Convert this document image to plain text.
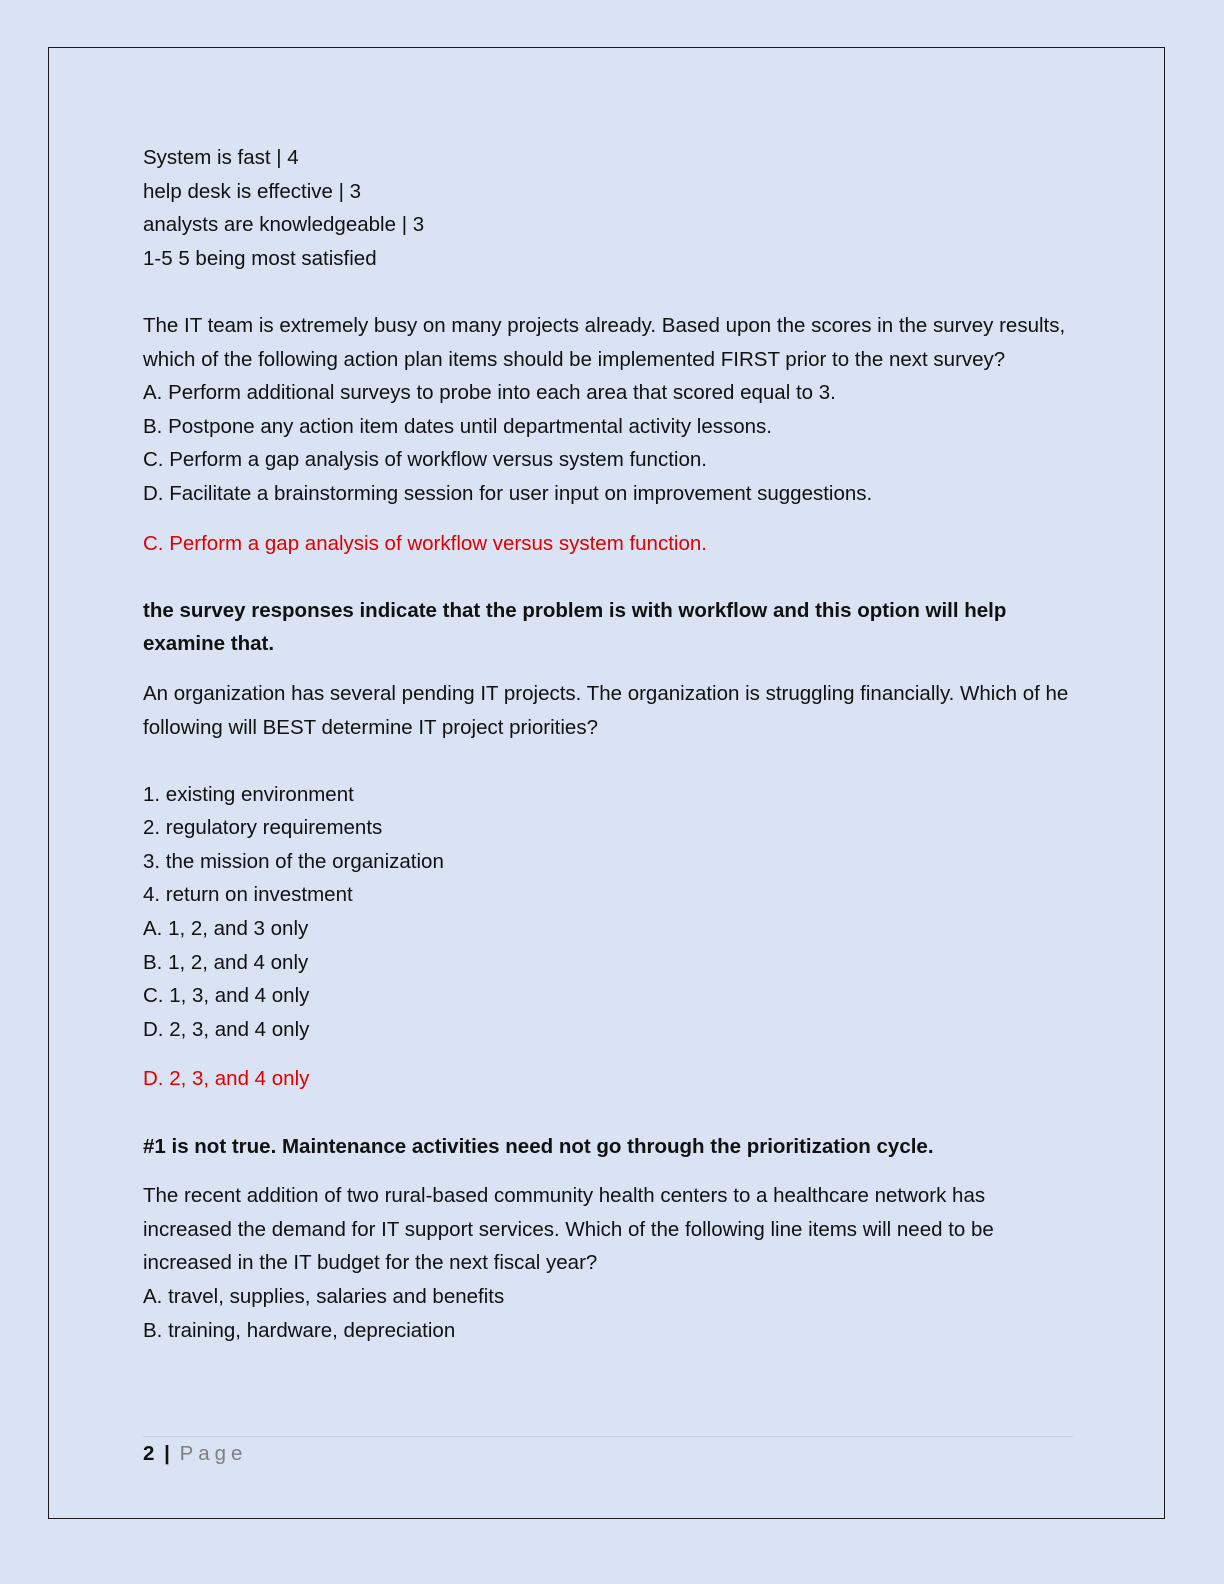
System is fast | 4
help desk is effective | 3
analysts are knowledgeable | 3
1-5 5 being most satisfied
The IT team is extremely busy on many projects already. Based upon the scores in the survey results, which of the following action plan items should be implemented FIRST prior to the next survey?
A. Perform additional surveys to probe into each area that scored equal to 3.
B. Postpone any action item dates until departmental activity lessons.
C. Perform a gap analysis of workflow versus system function.
D. Facilitate a brainstorming session for user input on improvement suggestions.
C. Perform a gap analysis of workflow versus system function.
the survey responses indicate that the problem is with workflow and this option will help examine that.
An organization has several pending IT projects. The organization is struggling financially. Which of he following will BEST determine IT project priorities?
1. existing environment
2. regulatory requirements
3. the mission of the organization
4. return on investment
A. 1, 2, and 3 only
B. 1, 2, and 4 only
C. 1, 3, and 4 only
D. 2, 3, and 4 only
D. 2, 3, and 4 only
#1 is not true. Maintenance activities need not go through the prioritization cycle.
The recent addition of two rural-based community health centers to a healthcare network has increased the demand for IT support services. Which of the following line items will need to be increased in the IT budget for the next fiscal year?
A. travel, supplies, salaries and benefits
B. training, hardware, depreciation
2 | Page
